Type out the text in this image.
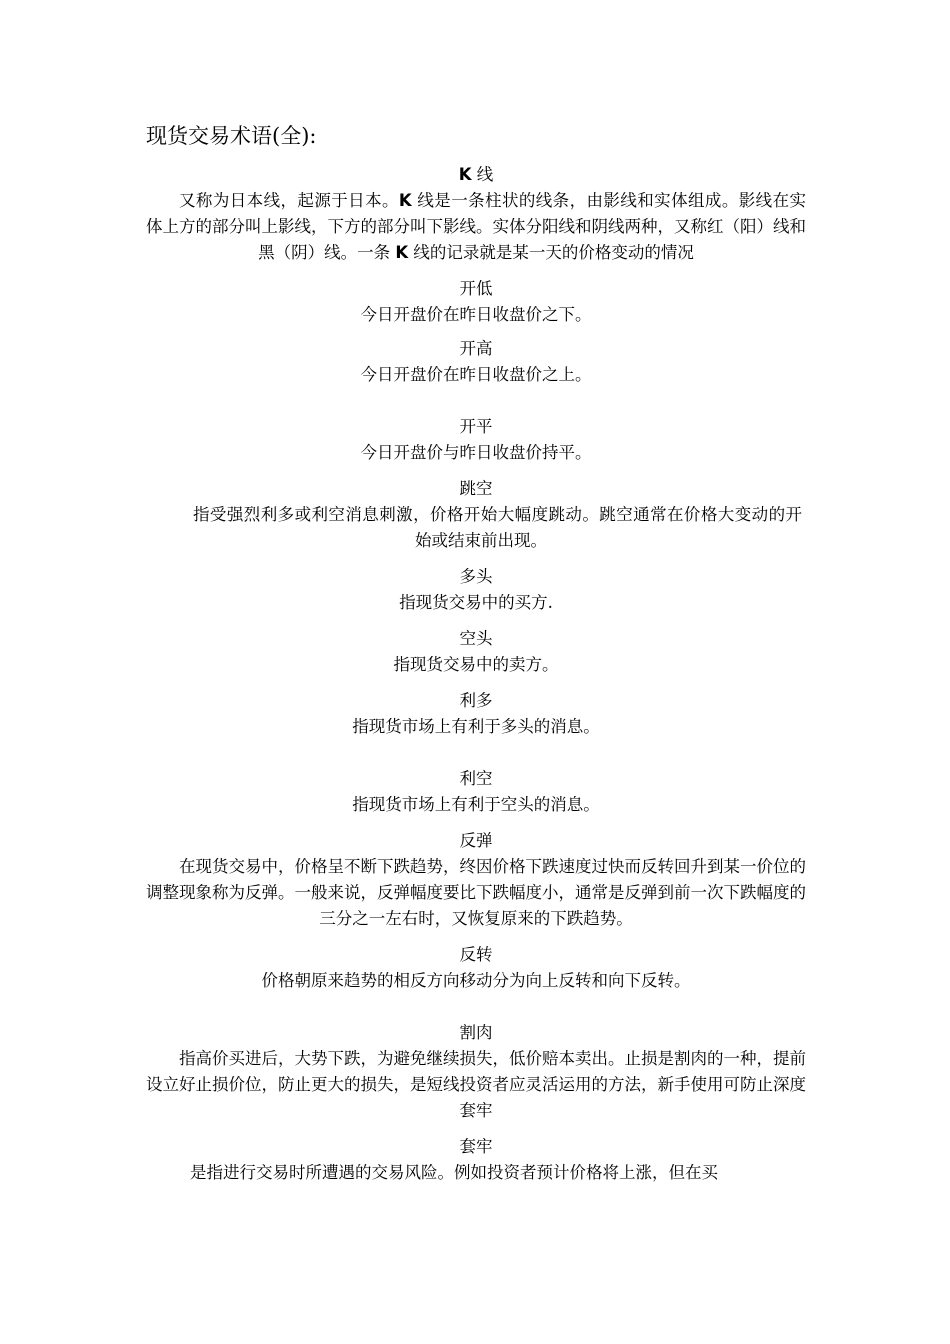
现货交易术语(全):
K 线
又称为日本线，起源于日本。K 线是一条柱状的线条，由影线和实体组成。影线在实体上方的部分叫上影线，下方的部分叫下影线。实体分阳线和阴线两种，又称红（阳）线和黑（阴）线。一条 K 线的记录就是某一天的价格变动的情况
开低
今日开盘价在昨日收盘价之下。
开高
今日开盘价在昨日收盘价之上。
开平
今日开盘价与昨日收盘价持平。
跳空
指受强烈利多或利空消息刺激，价格开始大幅度跳动。跳空通常在价格大变动的开始或结束前出现。
多头
指现货交易中的买方.
空头
指现货交易中的卖方。
利多
指现货市场上有利于多头的消息。
利空
指现货市场上有利于空头的消息。
反弹
在现货交易中，价格呈不断下跌趋势，终因价格下跌速度过快而反转回升到某一价位的调整现象称为反弹。一般来说，反弹幅度要比下跌幅度小，通常是反弹到前一次下跌幅度的三分之一左右时，又恢复原来的下跌趋势。
反转
价格朝原来趋势的相反方向移动分为向上反转和向下反转。
割肉
指高价买进后，大势下跌，为避免继续损失，低价赔本卖出。止损是割肉的一种，提前设立好止损价位，防止更大的损失，是短线投资者应灵活运用的方法，新手使用可防止深度套牢
套牢
是指进行交易时所遭遇的交易风险。例如投资者预计价格将上涨，但在买
